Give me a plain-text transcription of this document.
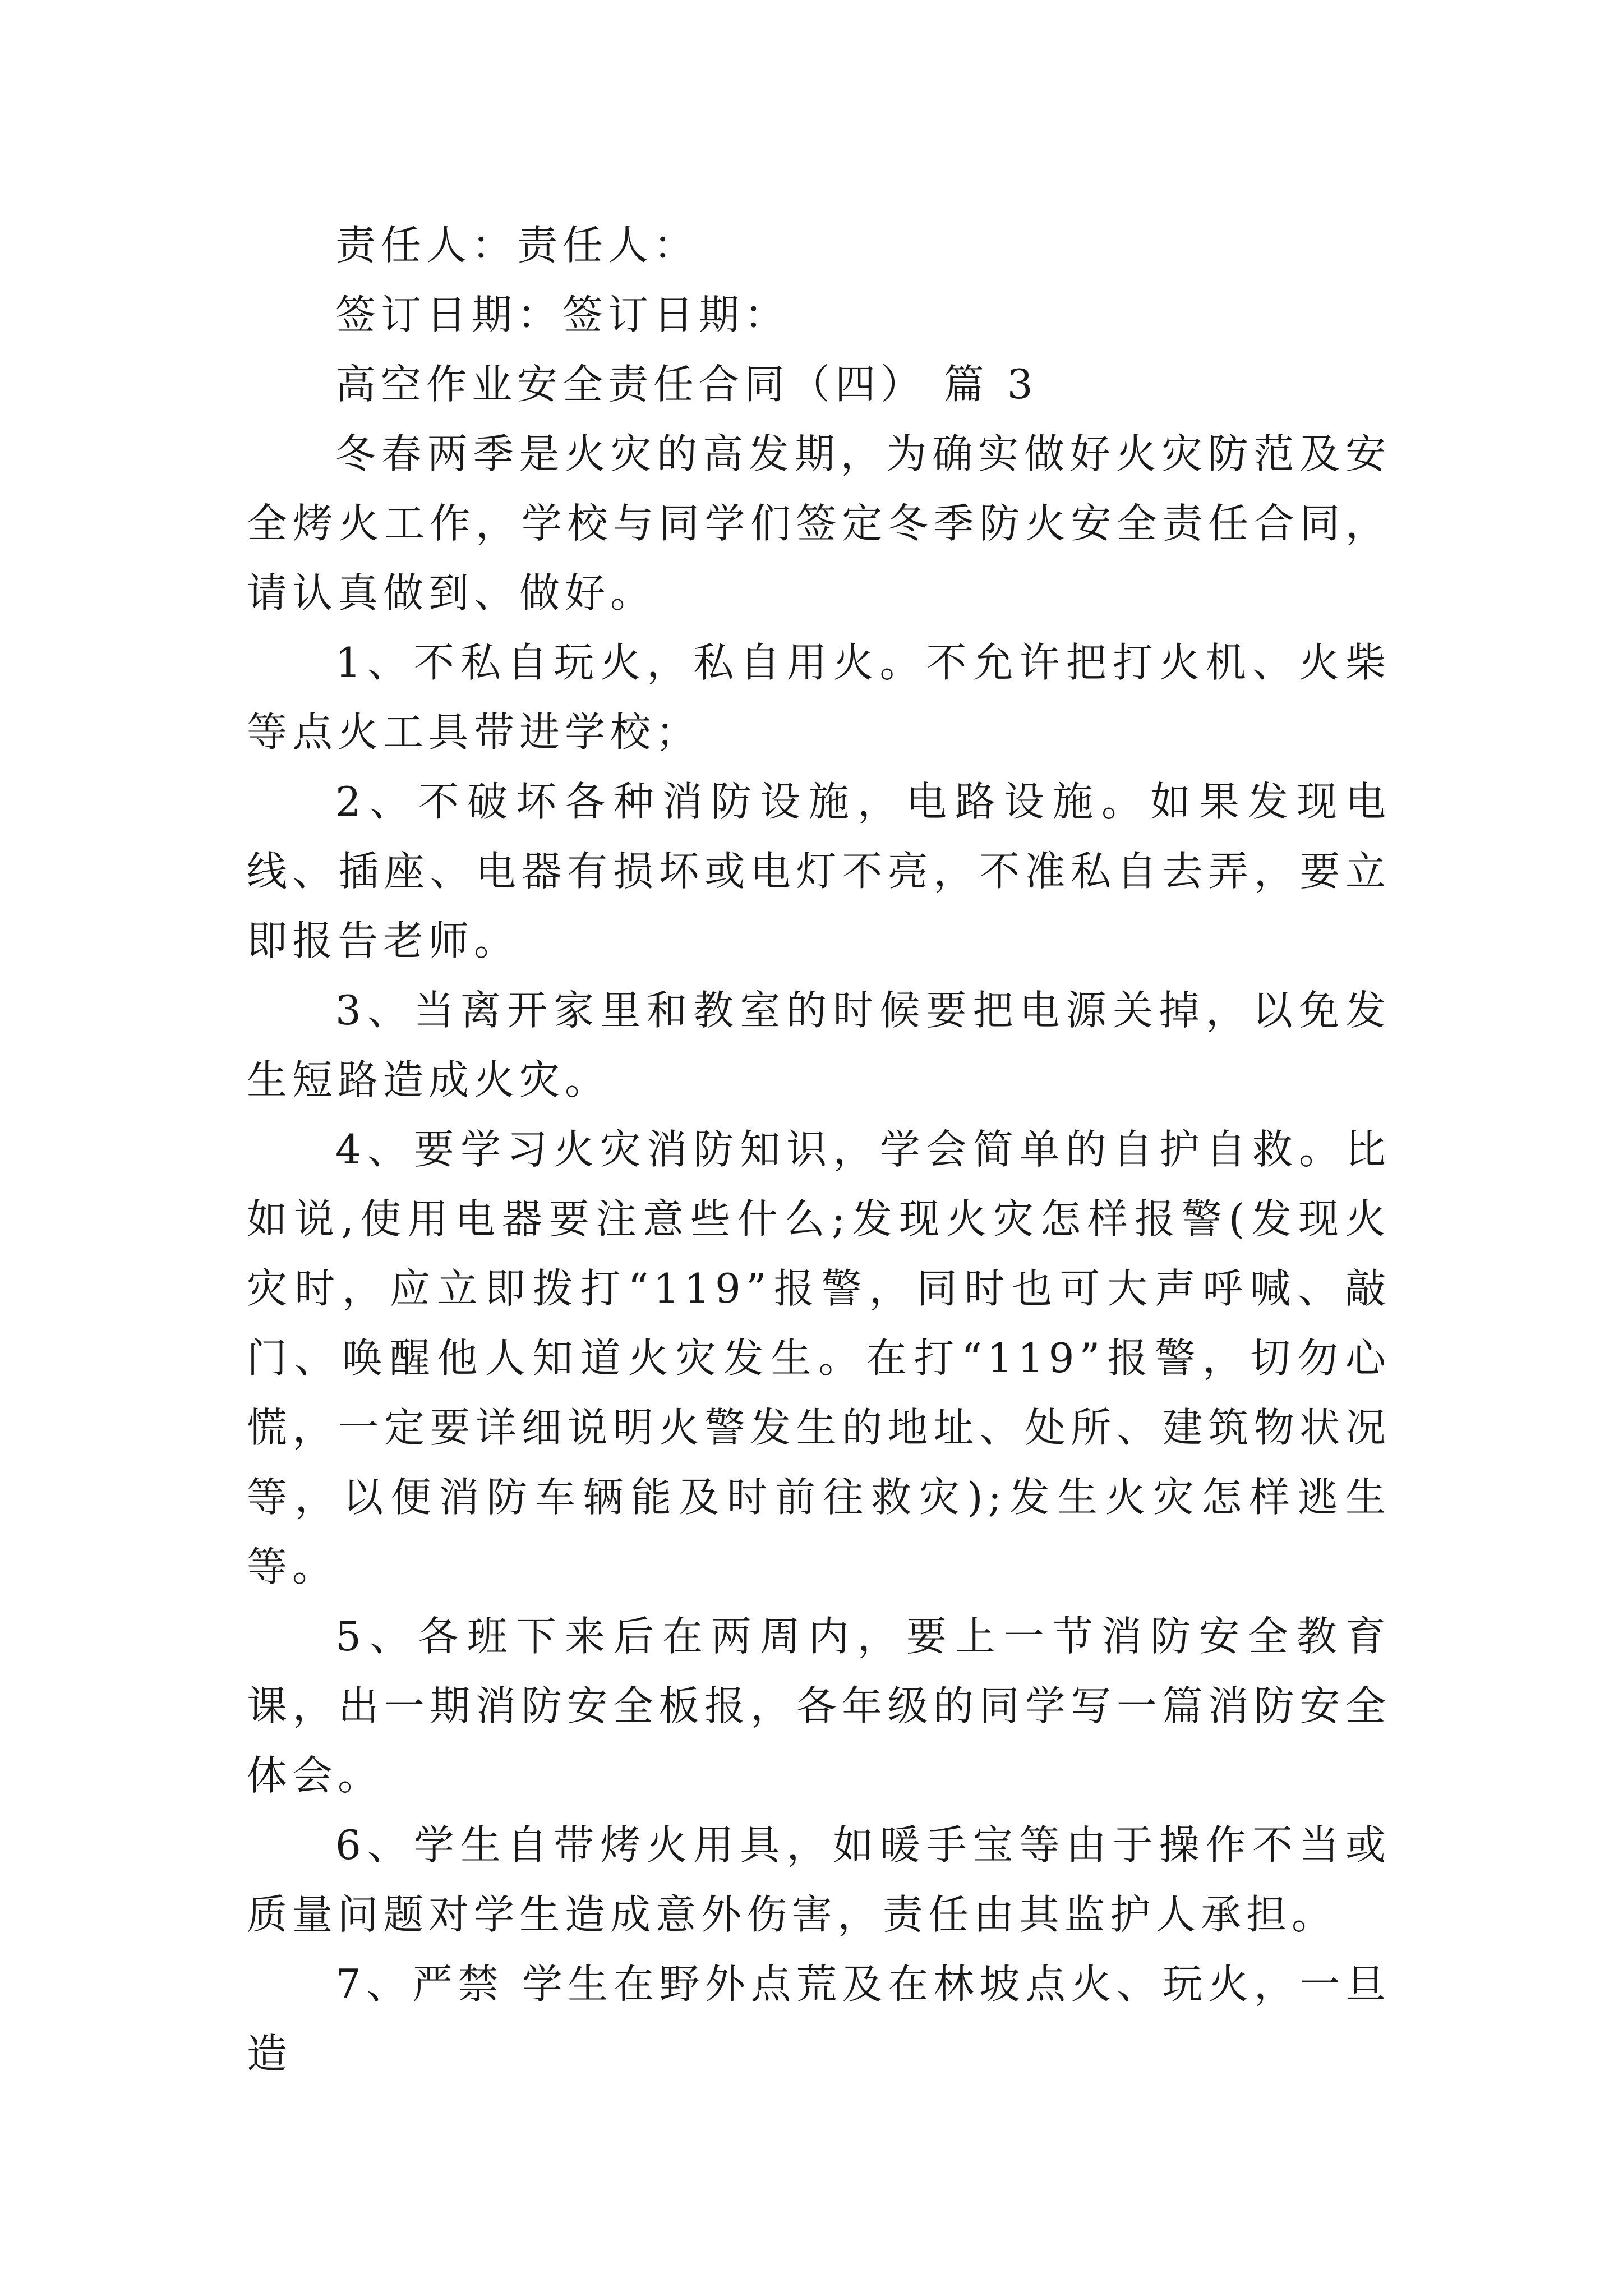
责任人：责任人：

签订日期：签订日期：

高空作业安全责任合同（四） 篇 3

冬春两季是火灾的高发期，为确实做好火灾防范及安全烤火工作，学校与同学们签定冬季防火安全责任合同，请认真做到、做好。

1、不私自玩火，私自用火。不允许把打火机、火柴等点火工具带进学校；

2、不破坏各种消防设施，电路设施。如果发现电线、插座、电器有损坏或电灯不亮，不准私自去弄，要立即报告老师。

3、当离开家里和教室的时候要把电源关掉，以免发生短路造成火灾。

4、要学习火灾消防知识，学会简单的自护自救。比如说,使用电器要注意些什么;发现火灾怎样报警(发现火灾时，应立即拨打“119”报警，同时也可大声呼喊、敲门、唤醒他人知道火灾发生。在打“119”报警，切勿心慌，一定要详细说明火警发生的地址、处所、建筑物状况等，以便消防车辆能及时前往救灾);发生火灾怎样逃生等。

5、各班下来后在两周内，要上一节消防安全教育课，出一期消防安全板报，各年级的同学写一篇消防安全体会。

6、学生自带烤火用具，如暖手宝等由于操作不当或质量问题对学生造成意外伤害，责任由其监护人承担。

7、严禁 学生在野外点荒及在林坡点火、玩火，一旦造
